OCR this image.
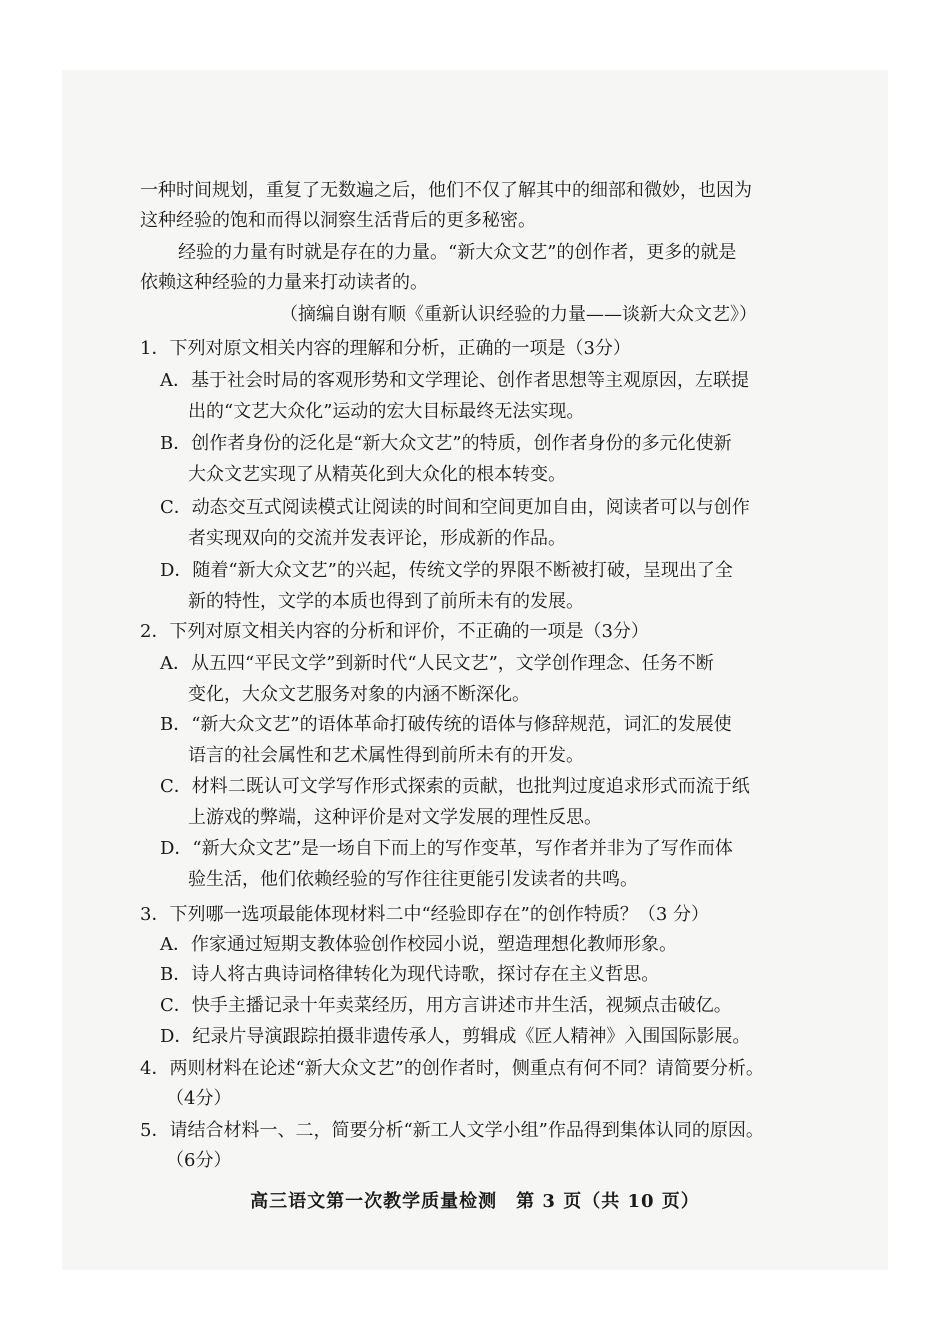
一种时间规划，重复了无数遍之后，他们不仅了解其中的细部和微妙，也因为
这种经验的饱和而得以洞察生活背后的更多秘密。
经验的力量有时就是存在的力量。“新大众文艺”的创作者，更多的就是
依赖这种经验的力量来打动读者的。
（摘编自谢有顺《重新认识经验的力量——谈新大众文艺》）
1．下列对原文相关内容的理解和分析，正确的一项是（3分）
A．基于社会时局的客观形势和文学理论、创作者思想等主观原因，左联提
出的“文艺大众化”运动的宏大目标最终无法实现。
B．创作者身份的泛化是“新大众文艺”的特质，创作者身份的多元化使新
大众文艺实现了从精英化到大众化的根本转变。
C．动态交互式阅读模式让阅读的时间和空间更加自由，阅读者可以与创作
者实现双向的交流并发表评论，形成新的作品。
D．随着“新大众文艺”的兴起，传统文学的界限不断被打破，呈现出了全
新的特性，文学的本质也得到了前所未有的发展。
2．下列对原文相关内容的分析和评价，不正确的一项是（3分）
A．从五四“平民文学”到新时代“人民文艺”，文学创作理念、任务不断
变化，大众文艺服务对象的内涵不断深化。
B．“新大众文艺”的语体革命打破传统的语体与修辞规范，词汇的发展使
语言的社会属性和艺术属性得到前所未有的开发。
C．材料二既认可文学写作形式探索的贡献，也批判过度追求形式而流于纸
上游戏的弊端，这种评价是对文学发展的理性反思。
D．“新大众文艺”是一场自下而上的写作变革，写作者并非为了写作而体
验生活，他们依赖经验的写作往往更能引发读者的共鸣。
3．下列哪一选项最能体现材料二中“经验即存在”的创作特质？（3 分）
A．作家通过短期支教体验创作校园小说，塑造理想化教师形象。
B．诗人将古典诗词格律转化为现代诗歌，探讨存在主义哲思。
C．快手主播记录十年卖菜经历，用方言讲述市井生活，视频点击破亿。
D．纪录片导演跟踪拍摄非遗传承人，剪辑成《匠人精神》入围国际影展。
4．两则材料在论述“新大众文艺”的创作者时，侧重点有何不同？请简要分析。
（4分）
5．请结合材料一、二，简要分析“新工人文学小组”作品得到集体认同的原因。
（6分）
高三语文第一次教学质量检测　第 3 页（共 10 页）
